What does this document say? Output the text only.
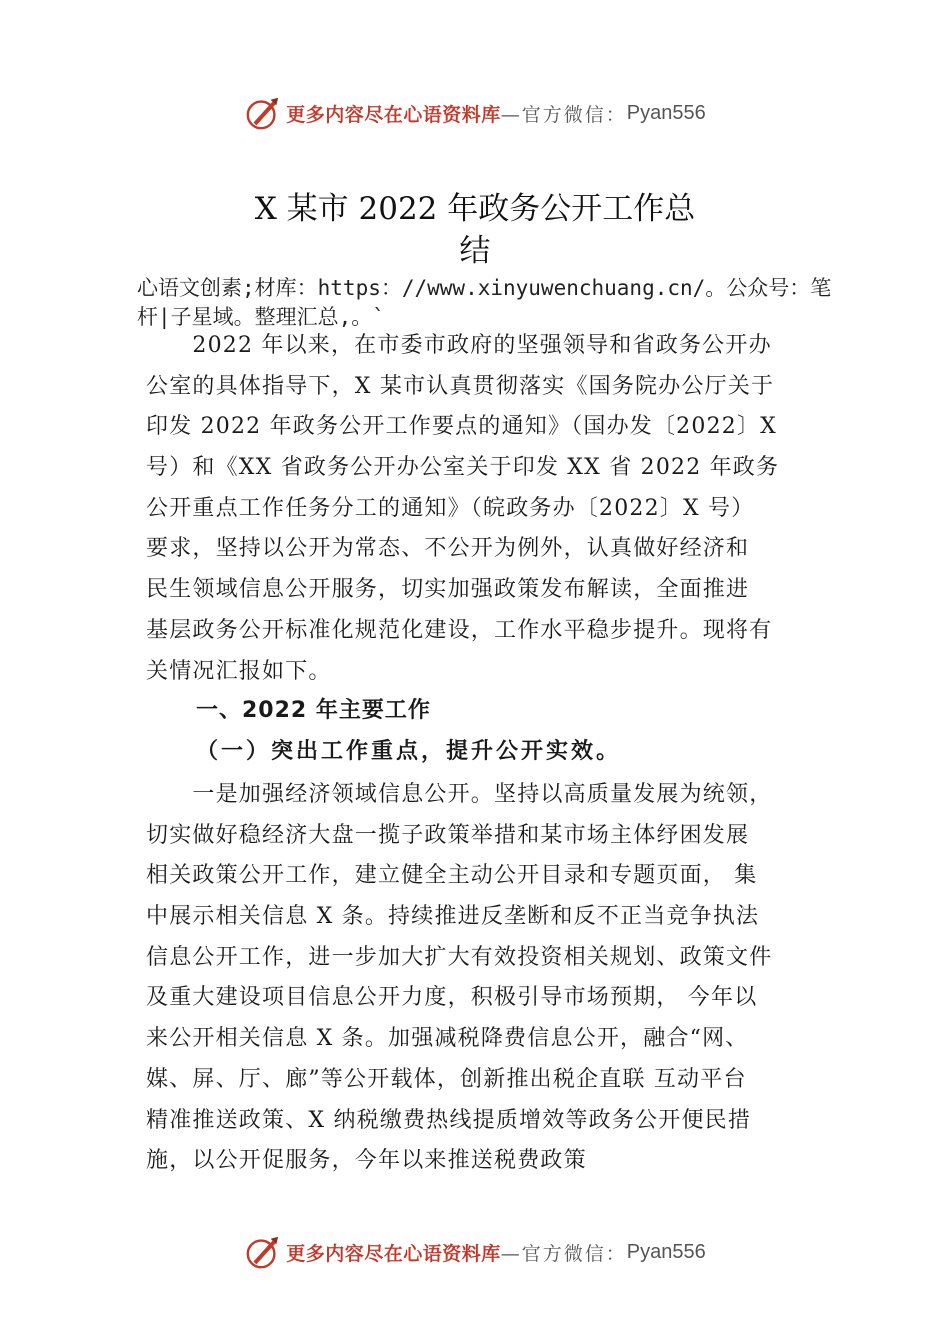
更多内容尽在心语资料库 —官方微信： Pyan556
X 某市 2022 年政务公开工作总
结
心语文创素;材库：https：//www.xinyuwenchuang.cn/。公众号：笔杆|子星域。整理汇总,。`
　　2022 年以来，在市委市政府的坚强领导和省政务公开办
公室的具体指导下，X 某市认真贯彻落实《国务院办公厅关于
印发 2022 年政务公开工作要点的通知》（国办发〔2022〕X
号）和《XX 省政务公开办公室关于印发 XX 省 2022 年政务
公开重点工作任务分工的通知》（皖政务办〔2022〕X 号）
要求，坚持以公开为常态、不公开为例外，认真做好经济和
民生领域信息公开服务，切实加强政策发布解读，全面推进
基层政务公开标准化规范化建设，工作水平稳步提升。现将有
关情况汇报如下。
一、2022 年主要工作
（一）突出工作重点，提升公开实效。
　　一是加强经济领域信息公开。坚持以高质量发展为统领，
切实做好稳经济大盘一揽子政策举措和某市场主体纾困发展
相关政策公开工作，建立健全主动公开目录和专题页面， 集
中展示相关信息 X 条。持续推进反垄断和反不正当竞争执法
信息公开工作，进一步加大扩大有效投资相关规划、政策文件
及重大建设项目信息公开力度，积极引导市场预期， 今年以
来公开相关信息 X 条。加强减税降费信息公开，融合“网、
媒、屏、厅、廊”等公开载体，创新推出税企直联 互动平台
精准推送政策、X 纳税缴费热线提质增效等政务公开便民措
施，以公开促服务，今年以来推送税费政策
更多内容尽在心语资料库 —官方微信： Pyan556
